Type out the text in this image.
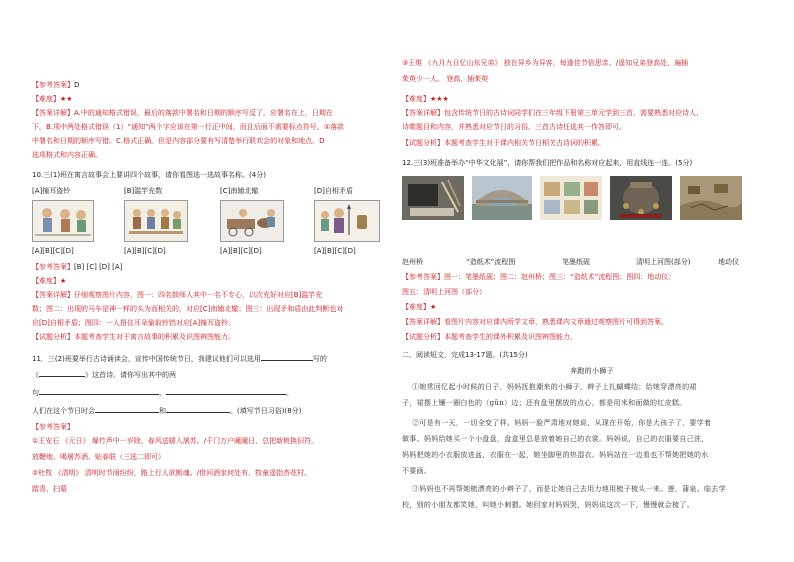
【参考答案】D
【难度】★★
【答案详解】A.中的通知格式错误，最后的落款中署名和日期的顺序写反了，应署名在上，日期在
下。B.项中两处格式错误（1）“通知”两个字应该在第一行正中间，而且后面不需要标点符号。②落款
中署名和日期的顺序写错。C.格式正确。但是内容部分要有写清楚举行联欢会的对象和地点。D
选项格式和内容正确。
10.三(1)班在寓言故事会上要讲四个故事，请你看图选一选故事名称。(4分)
[A]掩耳盗铃	[B]滥竽充数	[C]南辕北辙	[D]自相矛盾
[A][B][C][D]	[A][B][C][D]	[A][B][C][D]	[A][B][C][D]
【参考答案】[B] [C] [D] [A]
【难度】★
【答案详解】仔细观察图片内容，图一：四名鼓师人其中一名不专心，以次充好对应[B]滥竽充
数；图二：出现的马车是神一样的头为而相关的，对应[C]南辕北辙；图三：出现矛和盾由此判断也对
应[D]自相矛盾；图四：一人捂住耳朵偷取铃铛对应[A]掩耳盗铃。
【试题分析】本题考查学生对于寓言故事的积累及识图辨图能力。
11．三(2)班要举行古诗诵读会，宣传中国传统节日，我建议他们可以选用	写的
《	》这首诗。请你写出其中的两
句	，	。
人们在这个节日时会	和	。(填写节日习俗)(8分)
【参考答案】
①王安石 《元日》 爆竹声中一岁除，春风送暖入屠苏。/千门万户曈曈日，总把新桃换旧符。
放鞭炮、喝屠苏酒、贴春联（三选二即可）
②杜牧 《清明》 清明时节雨纷纷，路上行人欲断魂。/借问酒家何处有，牧童遥指杏花村。
踏青、扫墓
③王维 《九月九日忆山东兄弟》 独在异乡为异客，每逢佳节倍思亲。/遥知兄弟登高处，遍插
茱萸少一人。 登高、插茱萸
【难度】★★★
【答案详解】包含传统节日的古诗词同学们在三年级下册第三单元学到三首，需要熟悉对应诗人、
诗歌题目和内容，并熟悉对应节日的习俗。三首古诗任选其一作答即可。
【试题分析】本题考查学生对于课内相关节日相关古诗词的积累。
12.三(3)班准备举办“中华文化展”，请你帮我们把作品和名称对应起来，用直线连一连。(5分)
赵州桥	“造纸术”流程图	笔墨纸砚	清明上河图(部分)	地动仪
【参考答案】图一：笔墨纸砚；图二：赵州桥；图三：“造纸术”流程图；图四：地动仪；
图五：清明上河图（部分）
【难度】★
【答案详解】看图片内容对应课内所学文章，熟悉课内文章通过观察图片可得到答案。
【试题分析】本题考查学生的课外积累及识图辨图能力。
二、阅读短文，完成13-17题。(共15分)
奔跑的小狮子
①她常回忆起小时候的日子，妈妈抚抱潮来的小狮子，辫子上扎蝴蝶结；给她穿漂亮的裙
子，裙摆上镶一圈白色的（gǔn）边；还有盘里摆放的点心，都是用米和面做的红皮糕。
②可是有一天，一切全变了样。妈妈一脸严肃地对她说，从现在开始，你是大孩子了，要学着
做事。妈妈给她买一个小盘盘，盘盒里总是放着她自己的衣裳。妈妈说，自己的衣服要自己洗，
妈妈把她的小衣服放进盆，衣服在一起，她坐脚里的热湿衣。妈妈站在一边看也不帮她把她的水
不要画。
③妈妈也不再帮她梳漂亮的小辫子了，而是让她自己去用力地用梳子梳头一来。莲，蒲泉。临去学
校，别的小朋友都笑她，叫她小刺猬。她回家对妈妈哭，妈妈说这次一下，慢慢就会梳了。
